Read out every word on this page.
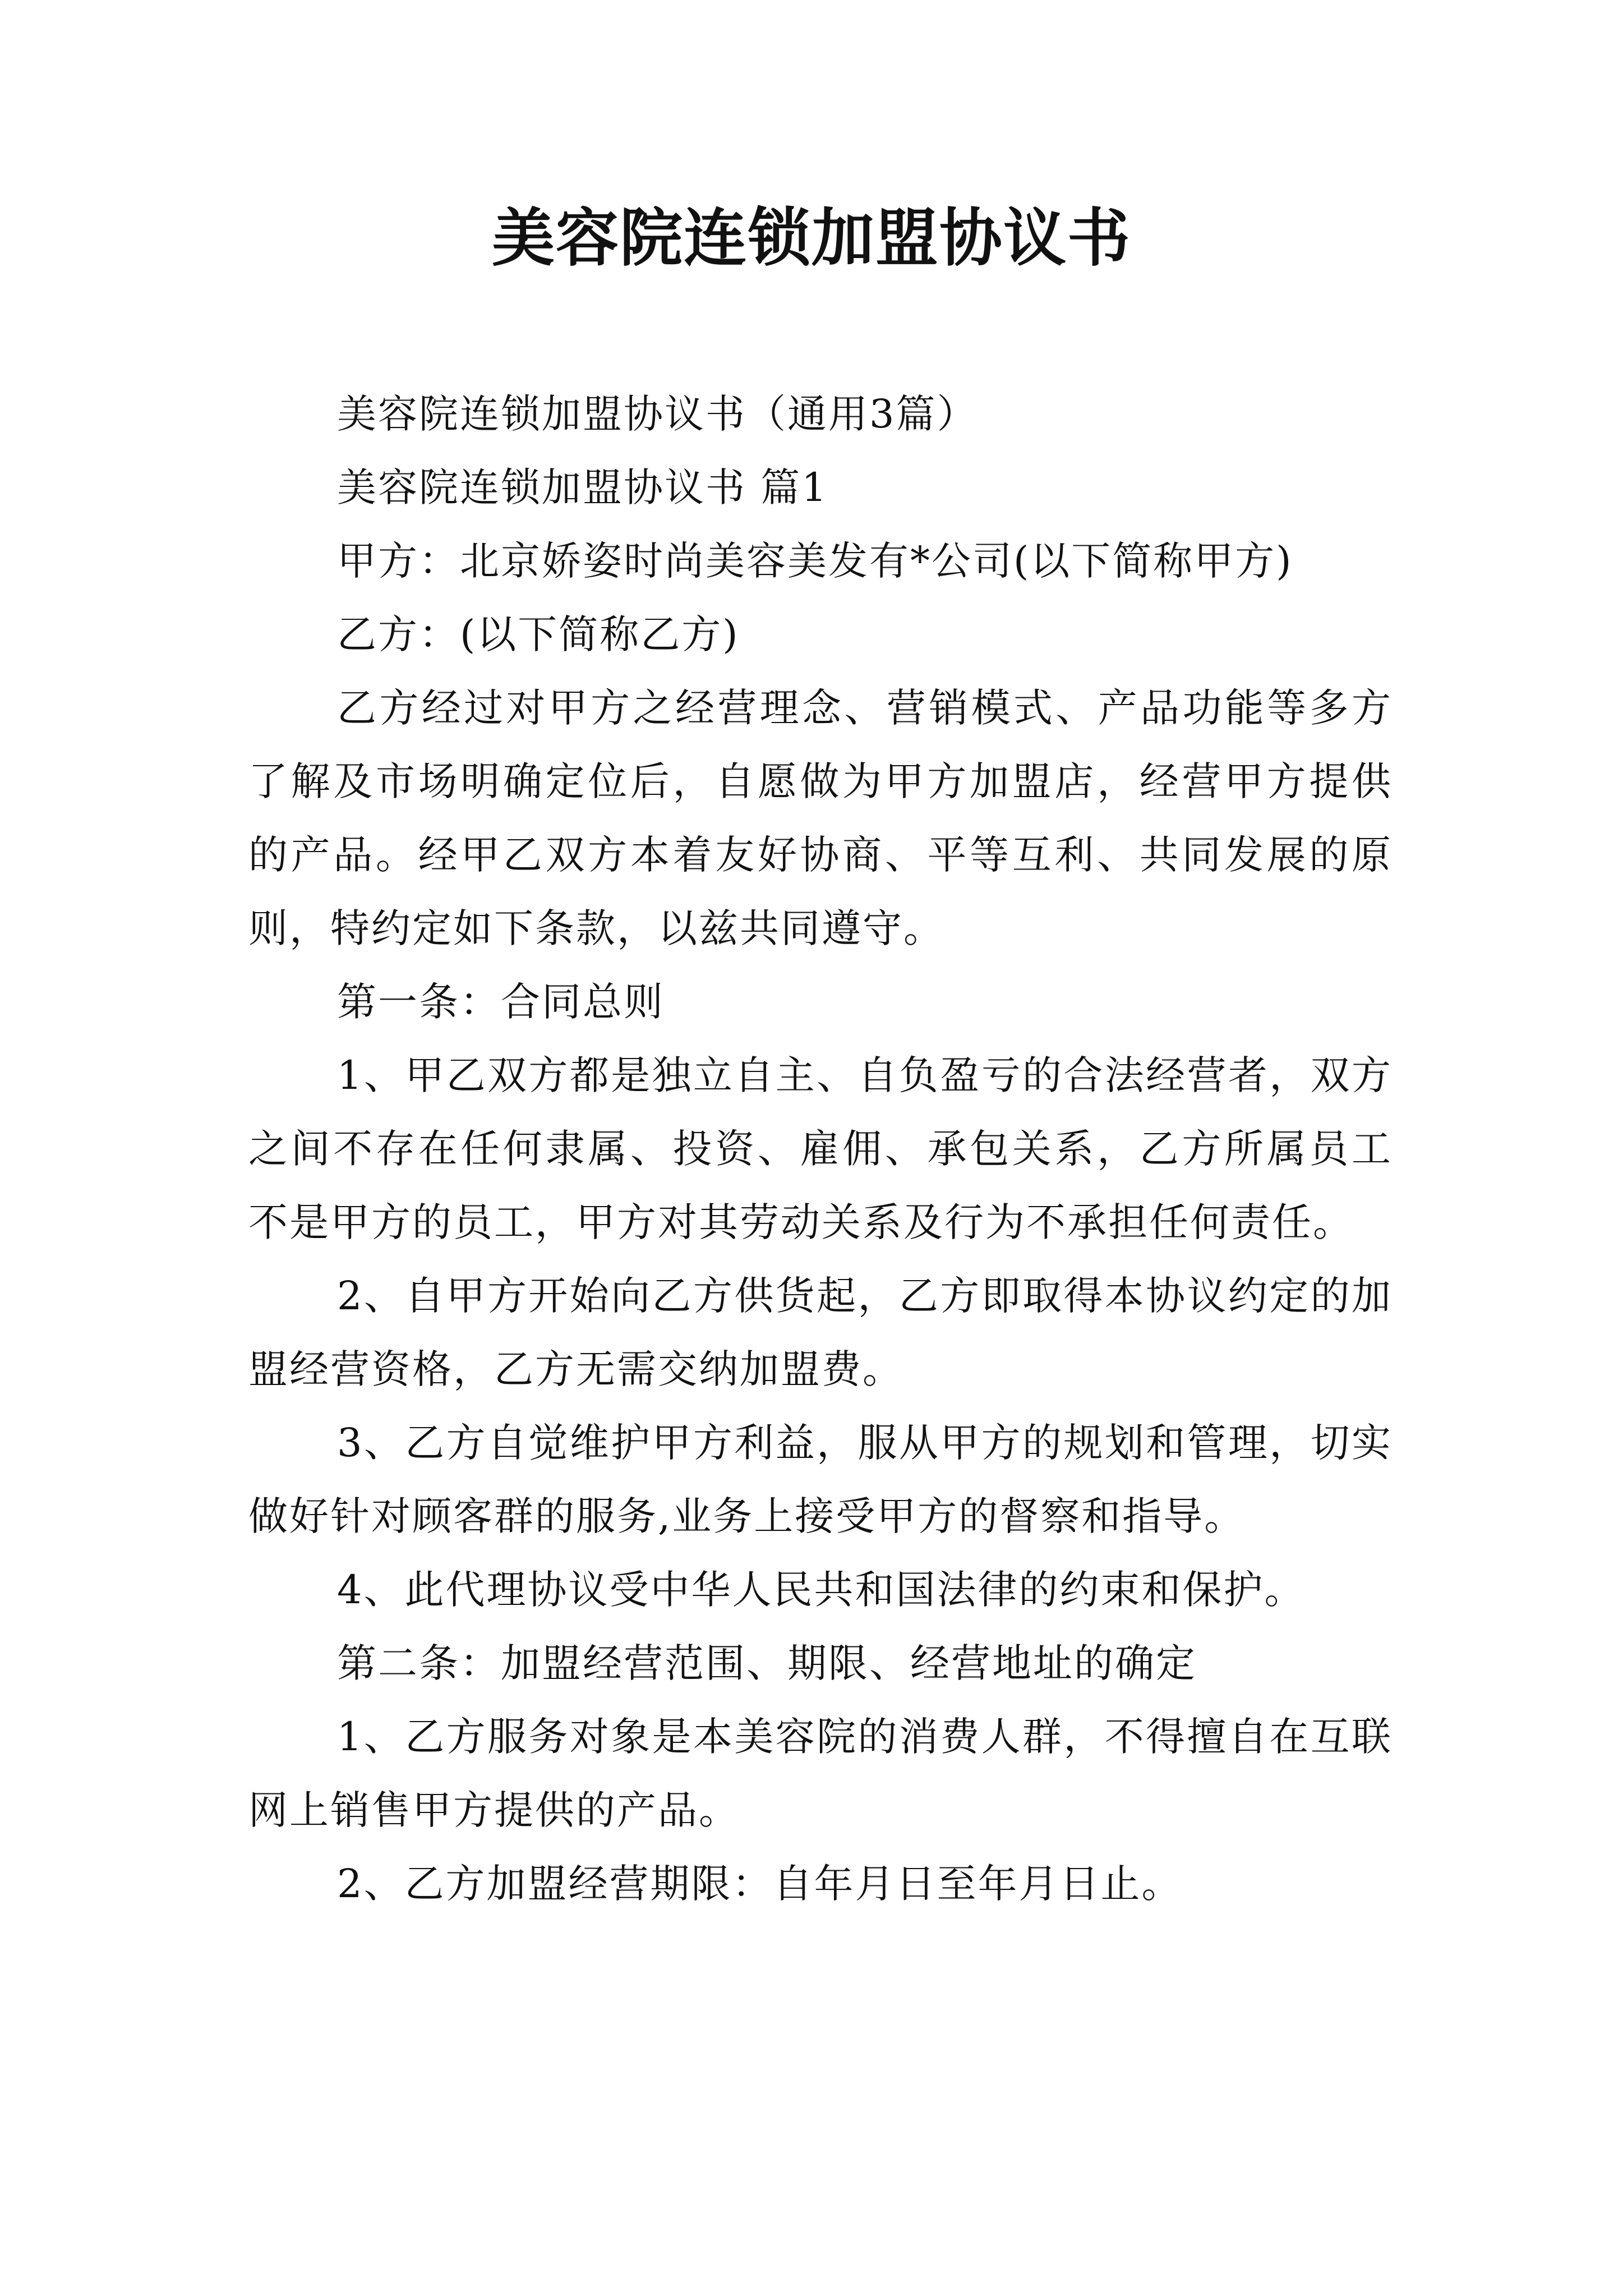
美容院连锁加盟协议书

美容院连锁加盟协议书（通用3篇）

美容院连锁加盟协议书 篇1

甲方：北京娇姿时尚美容美发有*公司(以下简称甲方)

乙方：(以下简称乙方)

乙方经过对甲方之经营理念、营销模式、产品功能等多方了解及市场明确定位后，自愿做为甲方加盟店，经营甲方提供的产品。经甲乙双方本着友好协商、平等互利、共同发展的原则，特约定如下条款，以兹共同遵守。

第一条：合同总则

1、甲乙双方都是独立自主、自负盈亏的合法经营者，双方之间不存在任何隶属、投资、雇佣、承包关系，乙方所属员工不是甲方的员工，甲方对其劳动关系及行为不承担任何责任。

2、自甲方开始向乙方供货起，乙方即取得本协议约定的加盟经营资格，乙方无需交纳加盟费。

3、乙方自觉维护甲方利益，服从甲方的规划和管理，切实做好针对顾客群的服务,业务上接受甲方的督察和指导。

4、此代理协议受中华人民共和国法律的约束和保护。

第二条：加盟经营范围、期限、经营地址的确定

1、乙方服务对象是本美容院的消费人群，不得擅自在互联网上销售甲方提供的产品。

2、乙方加盟经营期限：自年月日至年月日止。
